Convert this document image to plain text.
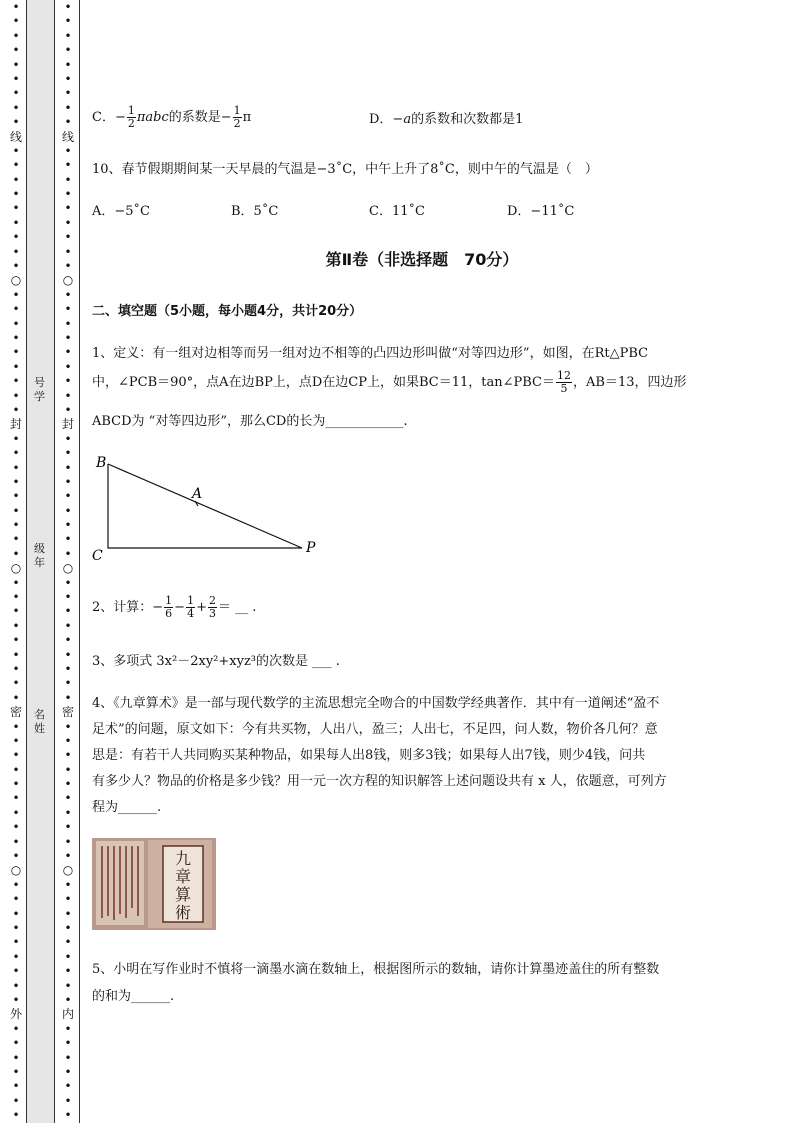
号
学
级
年
名
姓
•
•
•
•
•
•
•
•
•
线
•
•
•
•
•
•
•
•
•
○
•
•
•
•
•
•
•
•
•
封
•
•
•
•
•
•
•
•
•
○
•
•
•
•
•
•
•
•
•
密
•
•
•
•
•
•
•
•
•
•
○
•
•
•
•
•
•
•
•
•
外
•
•
•
•
•
•
•
•
•
•
•
•
•
•
•
•
线
•
•
•
•
•
•
•
•
•
○
•
•
•
•
•
•
•
•
•
封
•
•
•
•
•
•
•
•
•
○
•
•
•
•
•
•
•
•
•
密
•
•
•
•
•
•
•
•
•
•
○
•
•
•
•
•
•
•
•
•
内
•
•
•
•
•
•
•
C．− $\frac{1}{2}$ πabc的系数是− $\frac{1}{2}$ π	D．−a的系数和次数都是1
10、春节假期期间某一天早晨的气温是−3˚C，中午上升了8˚C，则中午的气温是（　）
A．−5˚C	B．5˚C	C．11˚C	D．−11˚C
第Ⅱ卷（非选择题　70分）
二、填空题（5小题，每小题4分，共计20分）
1、定义：有一组对边相等而另一组对边不相等的凸四边形叫做“对等四边形”，如图，在Rt△PBC
中，∠PCB＝90°，点A在边BP上，点D在边CP上，如果BC＝11，tan∠PBC＝ $\frac{12}{5}$ ，AB＝13，四边形
ABCD为 “对等四边形”，那么CD的长为____________.
2、计算：− $\frac{1}{6} - \frac{1}{4} + \frac{2}{3}$ ＝ __ .
3、多项式 3x²－2xy²+xyz³的次数是 ___ .
4、《九章算术》是一部与现代数学的主流思想完全吻合的中国数学经典著作．其中有一道阐述“盈不
足术”的问题，原文如下：今有共买物，人出八，盈三；人出七，不足四，问人数，物价各几何？意
思是：有若干人共同购买某种物品，如果每人出8钱，则多3钱；如果每人出7钱，则少4钱，问共
有多少人？物品的价格是多少钱？用一元一次方程的知识解答上述问题设共有 x 人，依题意，可列方
程为______.
5、小明在写作业时不慎将一滴墨水滴在数轴上，根据图所示的数轴，请你计算墨迹盖住的所有整数
的和为______.
B
A
C	P
九
章
算
術
